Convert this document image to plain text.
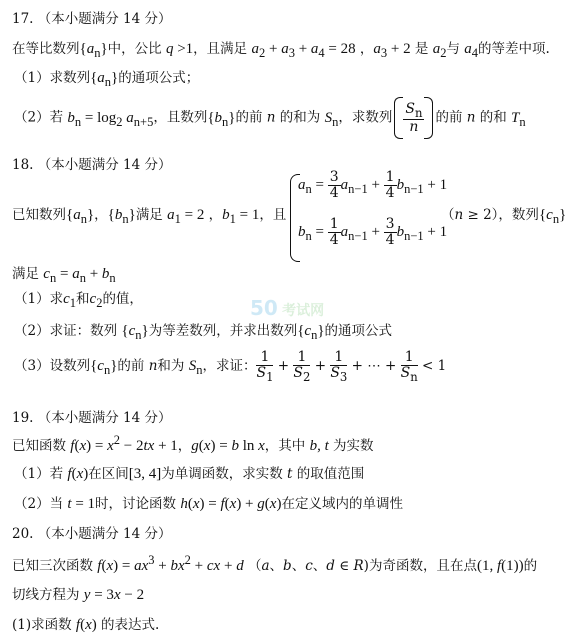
17. （本小题满分 14 分）
在等比数列$\{a_n\}$中，公比 q >1，且满足 $a_2 + a_3 + a_4 = 28$ ，$a_3 + 2$ 是 $a_2$与 $a_4$的等差中项.
（1）求数列$\{a_n\}$的通项公式；
（2）若 $b_n = \log_2 a_{n+5}$，且数列$\{b_n\}$的前 n 的和为 $S_n$，求数列 $\frac{S_n}{n}$ 的前 n 的和 $T_n$
18. （本小题满分 14 分）
已知数列$\{a_n\}$，$\{b_n\}$满足 $a_1 = 2$ ，$b_1 = 1$，且
$a_n = \frac{3}{4} a_{n-1} + \frac{1}{4} b_{n-1} + 1$
$b_n = \frac{1}{4} a_{n-1} + \frac{3}{4} b_{n-1} + 1$
（n ≥ 2），数列$\{c_n\}$
满足 $c_n = a_n + b_n$
（1）求$c_1$和$c_2$的值，
（2）求证：数列 $\{c_n\}$为等差数列，并求出数列$\{c_n\}$的通项公式
50 考试网
（3）设数列$\{c_n\}$的前 n和为 $S_n$，求证： $\frac{1}{S_1} + \frac{1}{S_2} + \frac{1}{S_3}$ + ⋯ + $\frac{1}{S_n} < 1$
19. （本小题满分 14 分）
已知函数 $f(x) = x^2 - 2tx + 1$，g(x) = b ln x，其中 b, t 为实数
（1）若 f(x)在区间[3, 4]为单调函数，求实数 t 的取值范围
（2）当 t = 1时，讨论函数 h(x) = f(x) + g(x)在定义域内的单调性
20. （本小题满分 14 分）
已知三次函数 $f(x) = ax^3 + bx^2$ + cx + d （a、b、c、d ∈ R)为奇函数，且在点(1, f(1))的
切线方程为 y = 3x − 2
(1)求函数 f(x) 的表达式.
